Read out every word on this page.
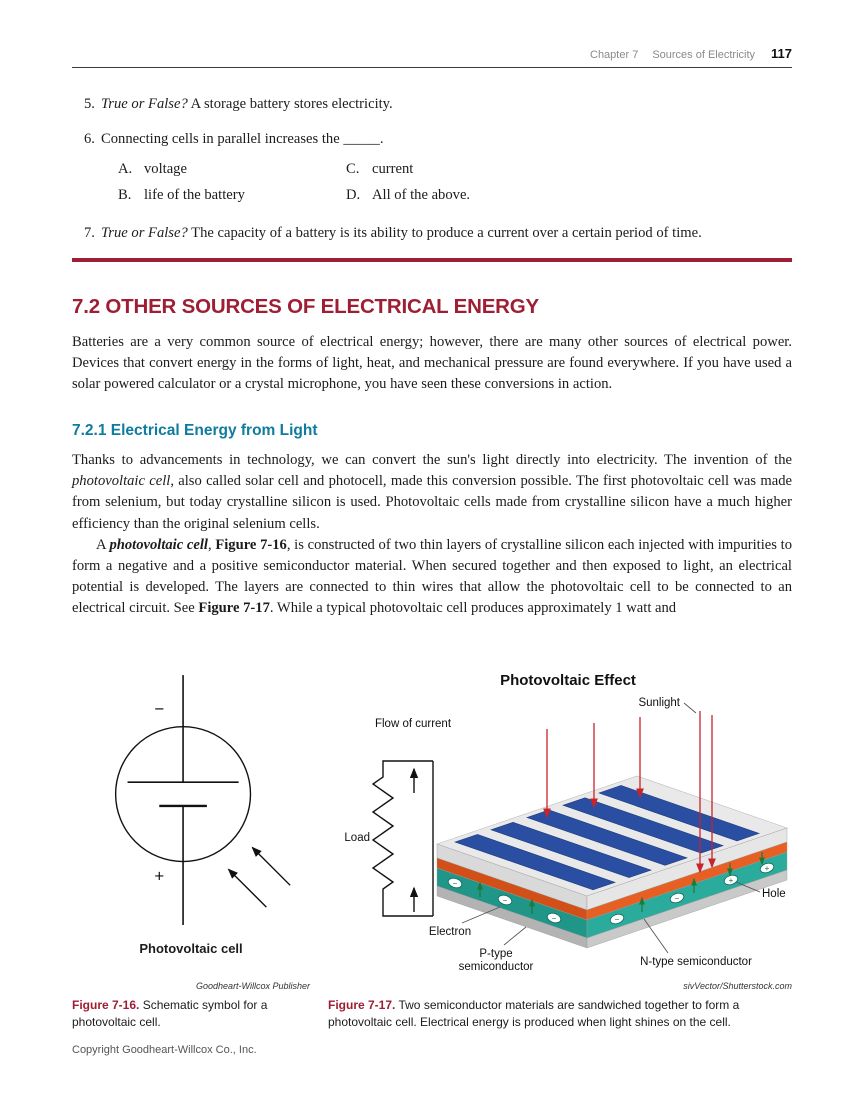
Chapter 7 Sources of Electricity 117
5. True or False? A storage battery stores electricity.
6. Connecting cells in parallel increases the _____.
A. voltage	C. current
B. life of the battery	D. All of the above.
7. True or False? The capacity of a battery is its ability to produce a current over a certain period of time.
7.2 OTHER SOURCES OF ELECTRICAL ENERGY

Batteries are a very common source of electrical energy; however, there are many other sources of electrical power. Devices that convert energy in the forms of light, heat, and mechanical pressure are found everywhere. If you have used a solar powered calculator or a crystal microphone, you have seen these conversions in action.

7.2.1 Electrical Energy from Light

Thanks to advancements in technology, we can convert the sun's light directly into electricity. The invention of the photovoltaic cell, also called solar cell and photocell, made this conversion possible. The first photovoltaic cell was made from selenium, but today crystalline silicon is used. Photovoltaic cells made from crystalline silicon have a much higher efficiency than the original selenium cells.

A photovoltaic cell, Figure 7-16, is constructed of two thin layers of crystalline silicon each injected with impurities to form a negative and a positive semiconductor material. When secured together and then exposed to light, an electrical potential is developed. The layers are connected to thin wires that allow the photovoltaic cell to be connected to an electrical circuit. See Figure 7-17. While a typical photovoltaic cell produces approximately 1 watt and

−
+
Photovoltaic cell
Goodheart-Willcox Publisher
Figure 7-16. Schematic symbol for a photovoltaic cell.
Photovoltaic Effect
−
−
−	−
−
+
+
Sunlight
Flow of current
Load
Electron
P-type
semiconductor	N-type semiconductor
Hole
sivVector/Shutterstock.com
Figure 7-17. Two semiconductor materials are sandwiched together to form a photovoltaic cell. Electrical energy is produced when light shines on the cell.
Copyright Goodheart-Willcox Co., Inc.
